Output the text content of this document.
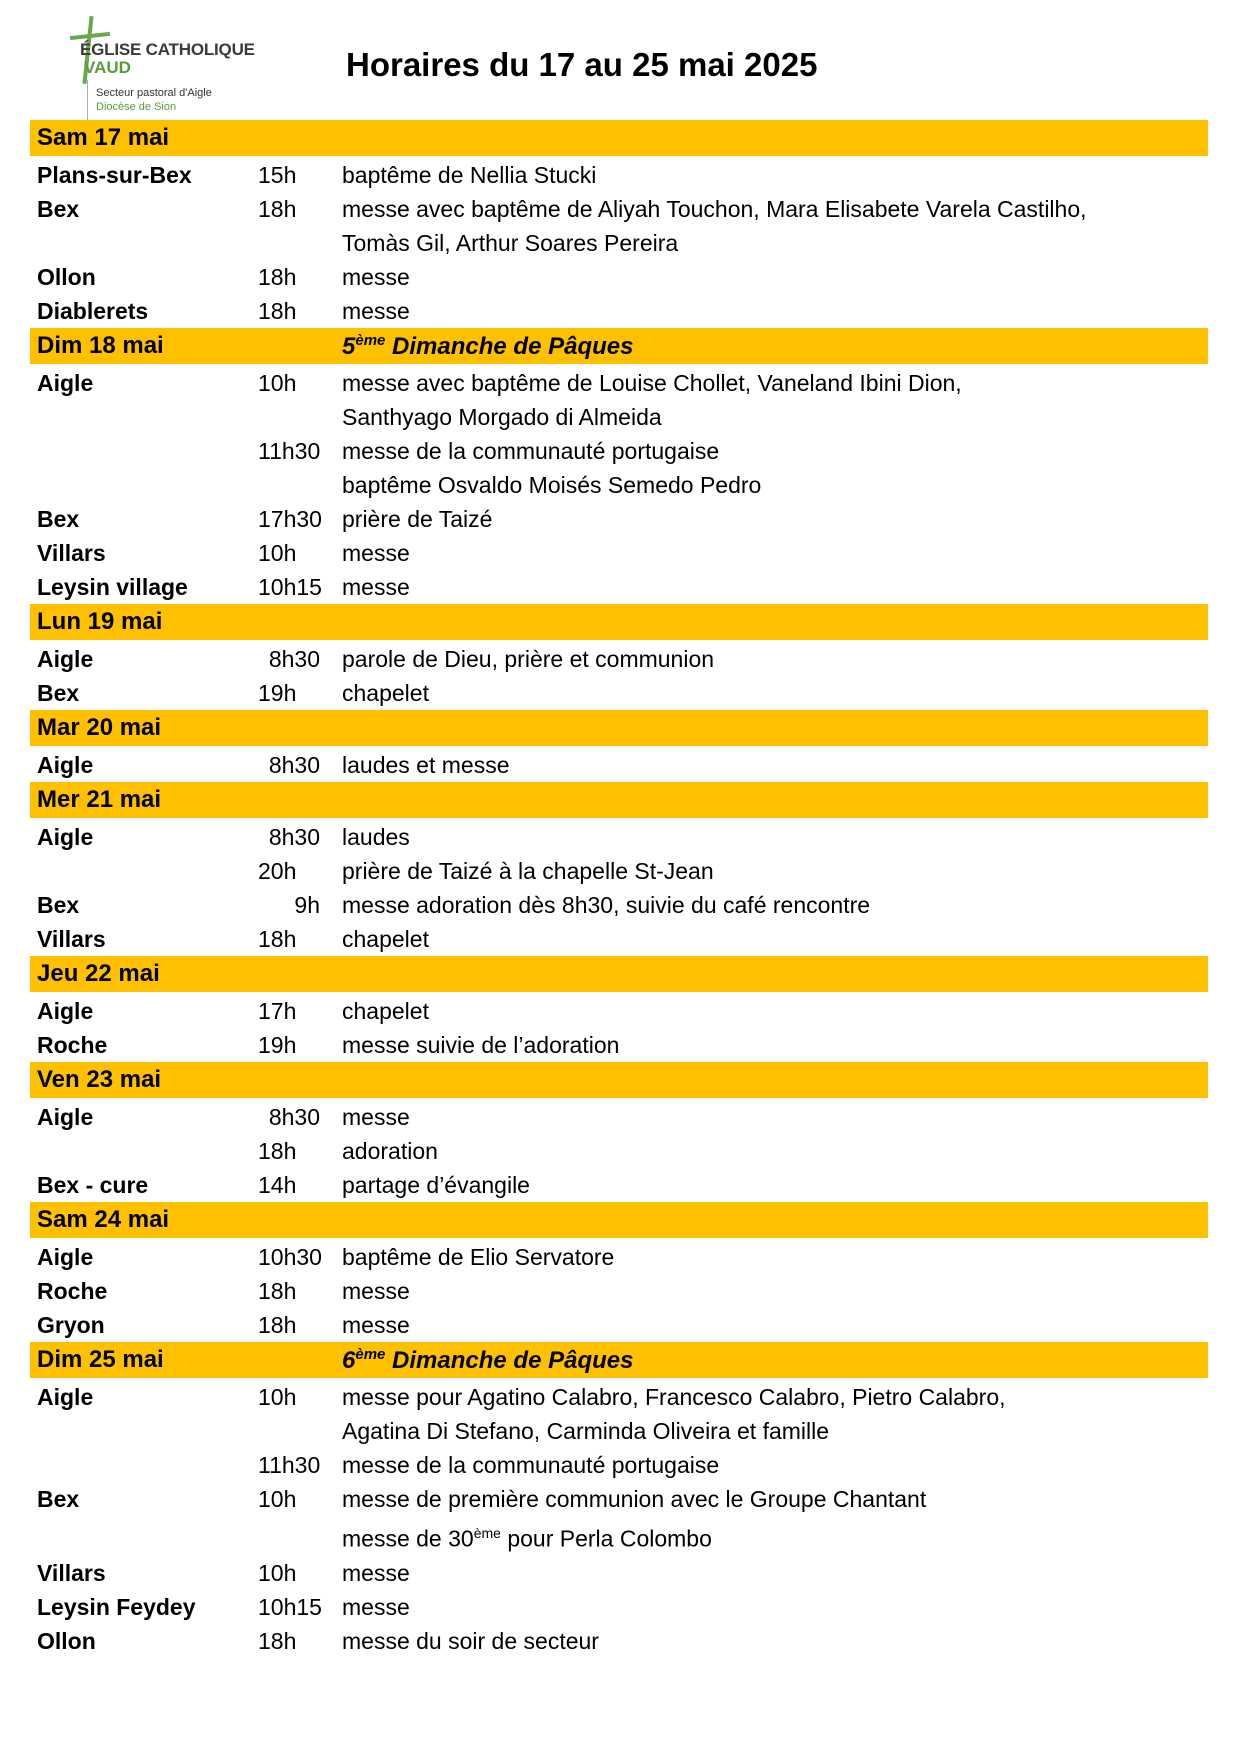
ÉGLISE CATHOLIQUE
VAUD
Secteur pastoral d'Aigle
Diocèse de Sion
Horaires du 17 au 25 mai 2025
Sam 17 mai
Plans-sur-Bex	15h	baptême de Nellia Stucki
Bex	18h	messe avec baptême de Aliyah Touchon, Mara Elisabete Varela Castilho,
Tomàs Gil, Arthur Soares Pereira
Ollon	18h	messe
Diablerets	18h	messe
Dim 18 mai	5ème Dimanche de Pâques
Aigle	10h	messe avec baptême de Louise Chollet, Vaneland Ibini Dion,
Santhyago Morgado di Almeida
11h30 messe de la communauté portugaise
baptême Osvaldo Moisés Semedo Pedro
Bex	17h30 prière de Taizé
Villars	10h	messe
Leysin village	10h15 messe
Lun 19 mai
Aigle	8h30 parole de Dieu, prière et communion
Bex	19h	chapelet
Mar 20 mai
Aigle	8h30 laudes et messe
Mer 21 mai
Aigle	8h30 laudes
20h	prière de Taizé à la chapelle St-Jean
Bex	9h messe adoration dès 8h30, suivie du café rencontre
Villars	18h	chapelet
Jeu 22 mai
Aigle	17h	chapelet
Roche	19h	messe suivie de l’adoration
Ven 23 mai
Aigle	8h30 messe
18h	adoration
Bex - cure	14h	partage d’évangile
Sam 24 mai
Aigle	10h30 baptême de Elio Servatore
Roche	18h	messe
Gryon	18h	messe
Dim 25 mai	6ème Dimanche de Pâques
Aigle	10h	messe pour Agatino Calabro, Francesco Calabro, Pietro Calabro,
Agatina Di Stefano, Carminda Oliveira et famille
11h30 messe de la communauté portugaise
Bex	10h	messe de première communion avec le Groupe Chantant
messe de 30ème pour Perla Colombo
Villars	10h	messe
Leysin Feydey	10h15 messe
Ollon	18h	messe du soir de secteur
